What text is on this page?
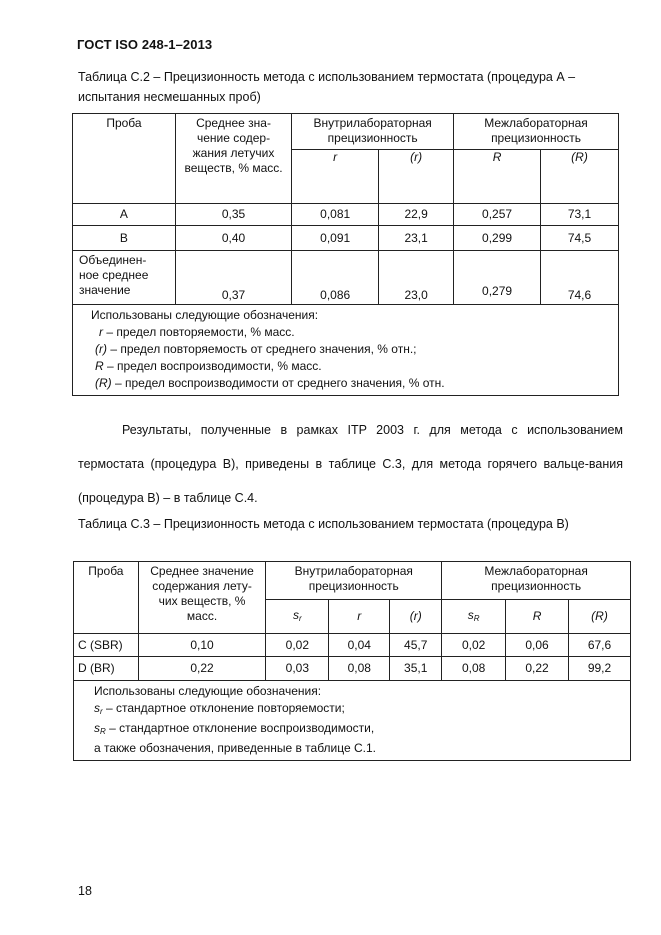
ГОСТ ISO 248-1–2013
Таблица С.2 – Прецизионность метода с использованием термостата (процедура А – испытания несмешанных проб)
Проба	Среднее зна-чение содер-жания летучих веществ, % масс.	Внутрилабораторная прецизионность		Межлабораторная прецизионность	
		r	(r)	R	(R)
A	0,35	0,081	22,9	0,257	73,1
B	0,40	0,091	23,1	0,299	74,5
Объединен-ное среднее значение	0,37	0,086	23,0	0,279	74,6

Использованы следующие обозначения:
r – предел повторяемости, % масс.
(r) – предел повторяемость от среднего значения, % отн.;
R – предел воспроизводимости, % масс.
(R) – предел воспроизводимости от среднего значения, % отн.					
Результаты, полученные в рамках ITP 2003 г. для метода с использованием термостата (процедура B), приведены в таблице С.3, для метода горячего вальце-вания (процедура B) – в таблице С.4.
Таблица С.3 – Прецизионность метода с использованием термостата (процедура B)
Проба	Среднее значение содержания лету-чих веществ, % масс.	Внутрилабораторная прецизионность			Межлабораторная прецизионность		
		$s_r$	r	(r)	$s_R$	R	(R)
C (SBR)	0,10	0,02	0,04	45,7	0,02	0,06	67,6
D (BR)	0,22	0,03	0,08	35,1	0,08	0,22	99,2

Использованы следующие обозначения:
$s_r$ – стандартное отклонение повторяемости;
$s_R$ – стандартное отклонение воспроизводимости,
а также обозначения, приведенные в таблице С.1.							
18
